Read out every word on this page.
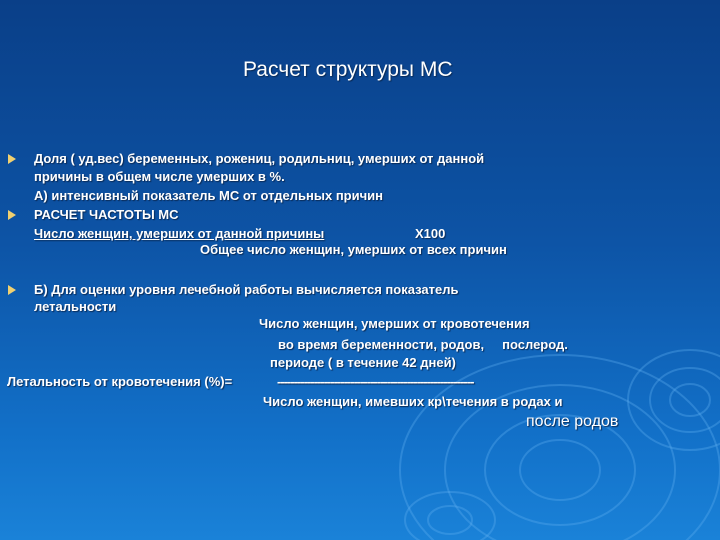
Расчет структуры МС
Доля ( уд.вес) беременных, рожениц, родильниц, умерших от данной
причины в общем числе умерших в %.
А) интенсивный показатель МС от отдельных причин
РАСЧЕТ ЧАСТОТЫ МС
Число женщин, умерших от данной причины	Х100
Общее число женщин, умерших от всех причин
Б) Для оценки уровня лечебной работы вычисляется показатель
летальности
Число женщин, умерших от кровотечения
во время беременности, родов,     послерод.
периоде ( в течение 42 дней)
Летальность от кровотечения (%)=	-----------------------------------------------------------
Число женщин, имевших кр\течения в родах и
после родов
